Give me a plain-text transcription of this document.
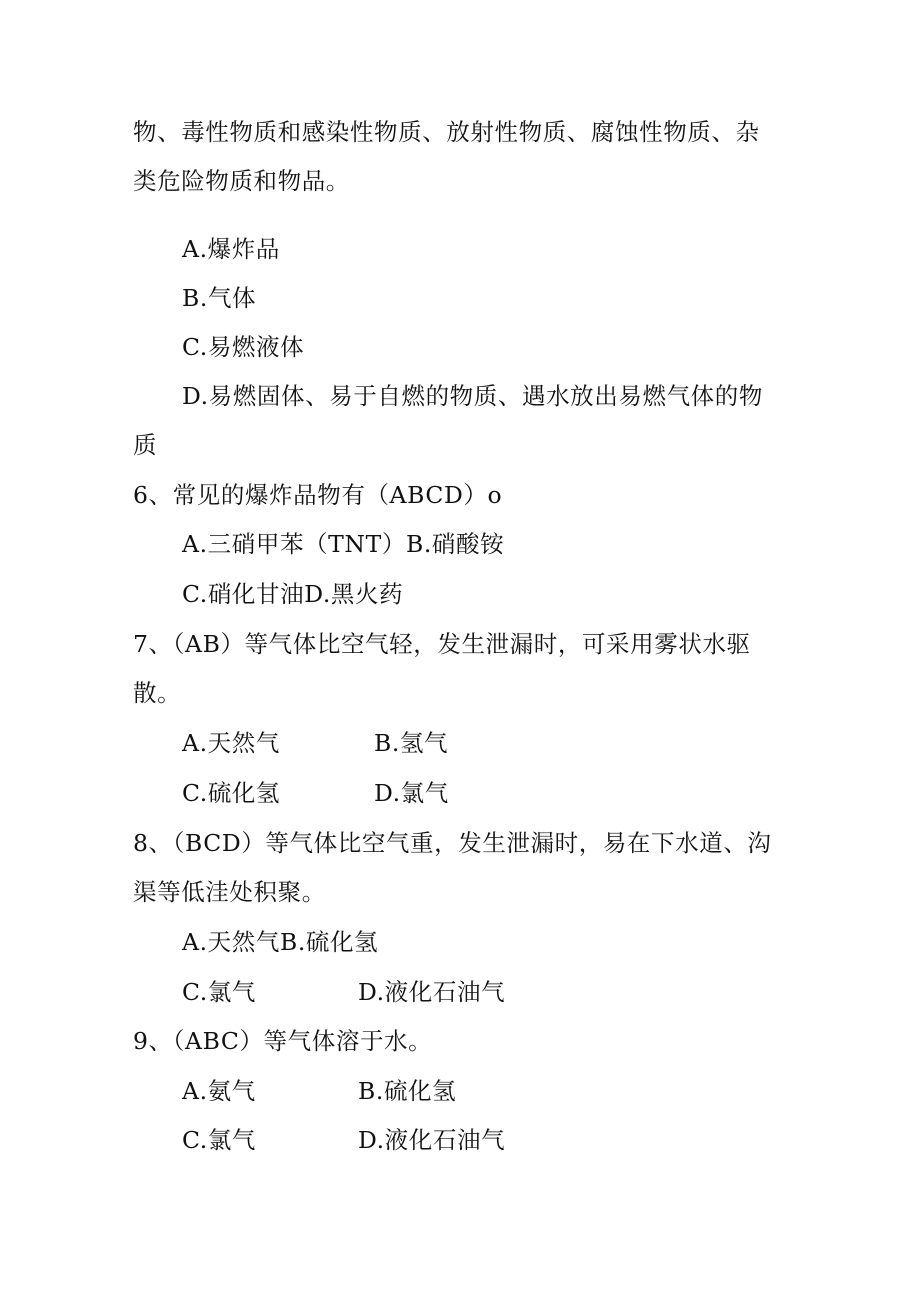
物、毒性物质和感染性物质、放射性物质、腐蚀性物质、杂
类危险物质和物品。
A.爆炸品
B.气体
C.易燃液体
D.易燃固体、易于自燃的物质、遇水放出易燃气体的物
质
6、常见的爆炸品物有（ABCD）o
A.三硝甲苯（TNT）B.硝酸铵
C.硝化甘油D.黑火药
7、（AB）等气体比空气轻，发生泄漏时，可采用雾状水驱
散。
A.天然气	B.氢气
C.硫化氢	D.氯气
8、（BCD）等气体比空气重，发生泄漏时，易在下水道、沟
渠等低洼处积聚。
A.天然气B.硫化氢
C.氯气	D.液化石油气
9、（ABC）等气体溶于水。
A.氨气	B.硫化氢
C.氯气	D.液化石油气
